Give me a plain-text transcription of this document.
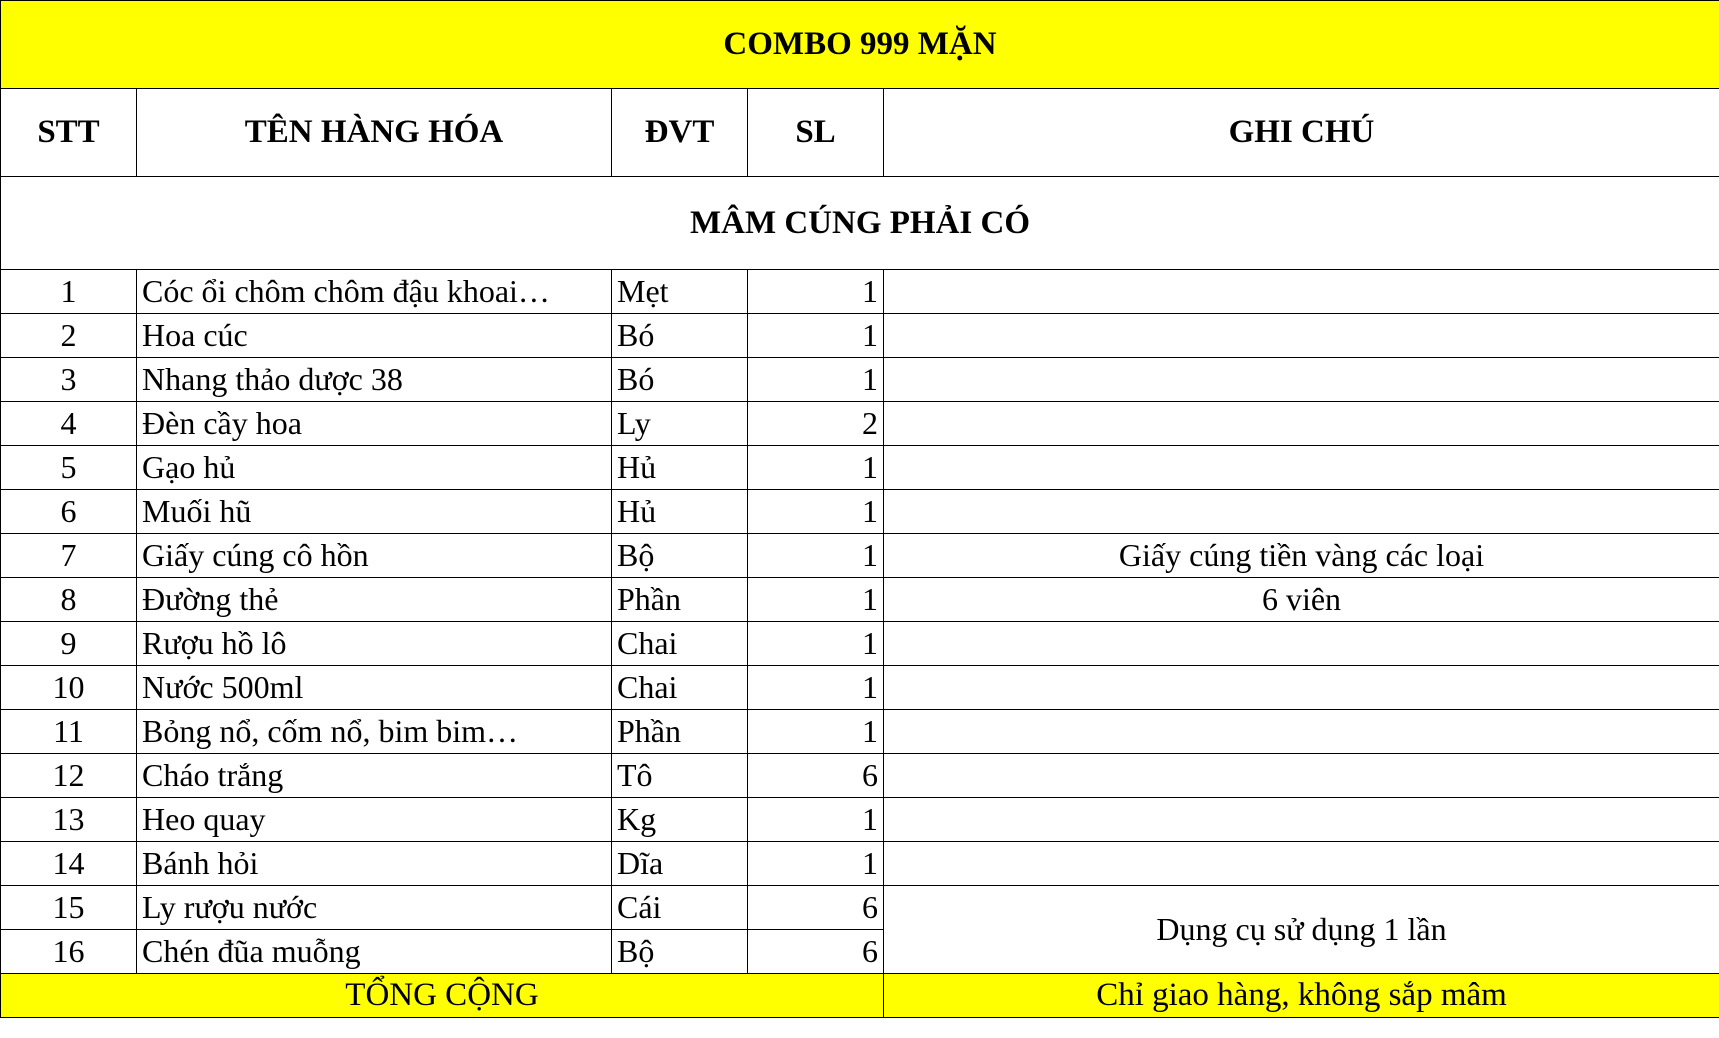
COMBO 999 MẶN				
STT	TÊN HÀNG HÓA	ĐVT	SL	GHI CHÚ
MÂM CÚNG PHẢI CÓ				
1	Cóc ổi chôm chôm đậu khoai…	Mẹt	1	
2	Hoa cúc	Bó	1	
3	Nhang thảo dược 38	Bó	1	
4	Đèn cầy hoa	Ly	2	
5	Gạo hủ	Hủ	1	
6	Muối hũ	Hủ	1	
7	Giấy cúng cô hồn	Bộ	1	Giấy cúng tiền vàng các loại
8	Đường thẻ	Phần	1	6 viên
9	Rượu hồ lô	Chai	1	
10	Nước 500ml	Chai	1	
11	Bỏng nổ, cốm nổ, bim bim…	Phần	1	
12	Cháo trắng	Tô	6	
13	Heo quay	Kg	1	
14	Bánh hỏi	Dĩa	1	
15	Ly rượu nước	Cái	6	Dụng cụ sử dụng 1 lần
16	Chén đũa muỗng	Bộ	6	
TỔNG CỘNG				Chỉ giao hàng, không sắp mâm
